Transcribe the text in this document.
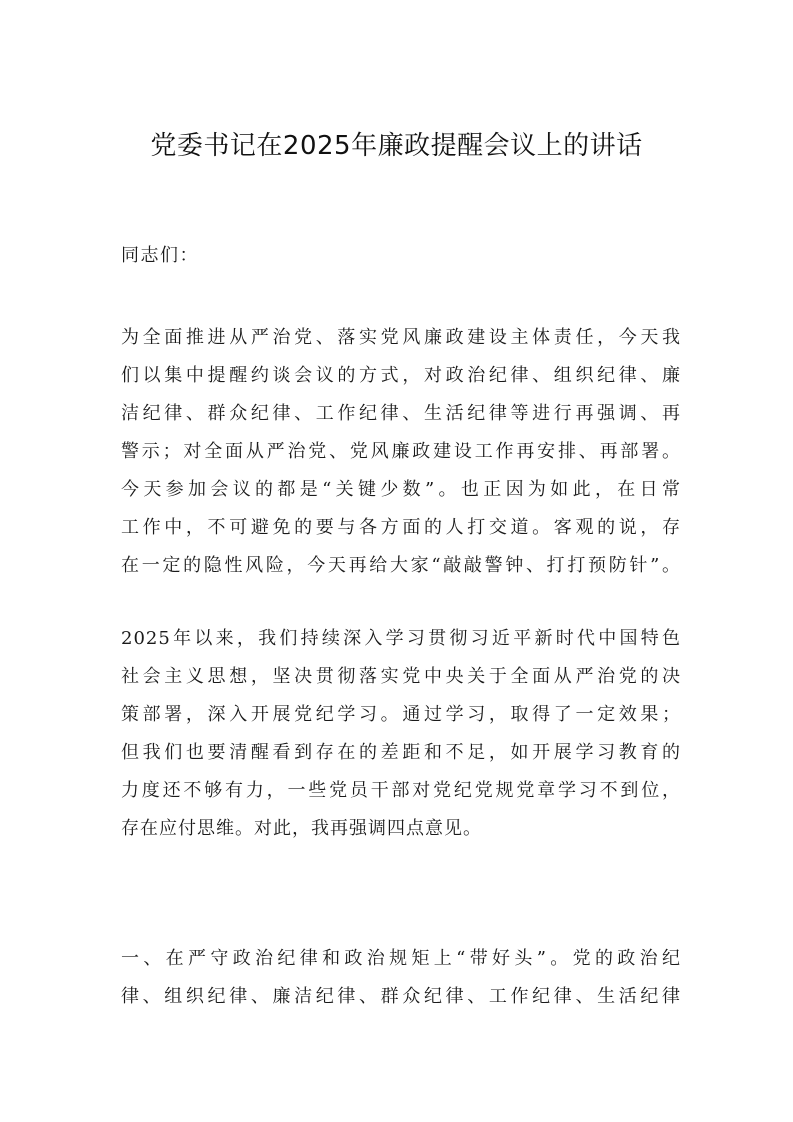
党委书记在2025年廉政提醒会议上的讲话
同志们：
为全面推进从严治党、落实党风廉政建设主体责任，今天我
们以集中提醒约谈会议的方式，对政治纪律、组织纪律、廉
洁纪律、群众纪律、工作纪律、生活纪律等进行再强调、再
警示；对全面从严治党、党风廉政建设工作再安排、再部署。
今天参加会议的都是“关键少数”。也正因为如此，在日常
工作中，不可避免的要与各方面的人打交道。客观的说，存
在一定的隐性风险，今天再给大家“敲敲警钟、打打预防针”。
2025年以来，我们持续深入学习贯彻习近平新时代中国特色
社会主义思想，坚决贯彻落实党中央关于全面从严治党的决
策部署，深入开展党纪学习。通过学习，取得了一定效果；
但我们也要清醒看到存在的差距和不足，如开展学习教育的
力度还不够有力，一些党员干部对党纪党规党章学习不到位，
存在应付思维。对此，我再强调四点意见。
一、在严守政治纪律和政治规矩上“带好头”。党的政治纪
律、组织纪律、廉洁纪律、群众纪律、工作纪律、生活纪律
